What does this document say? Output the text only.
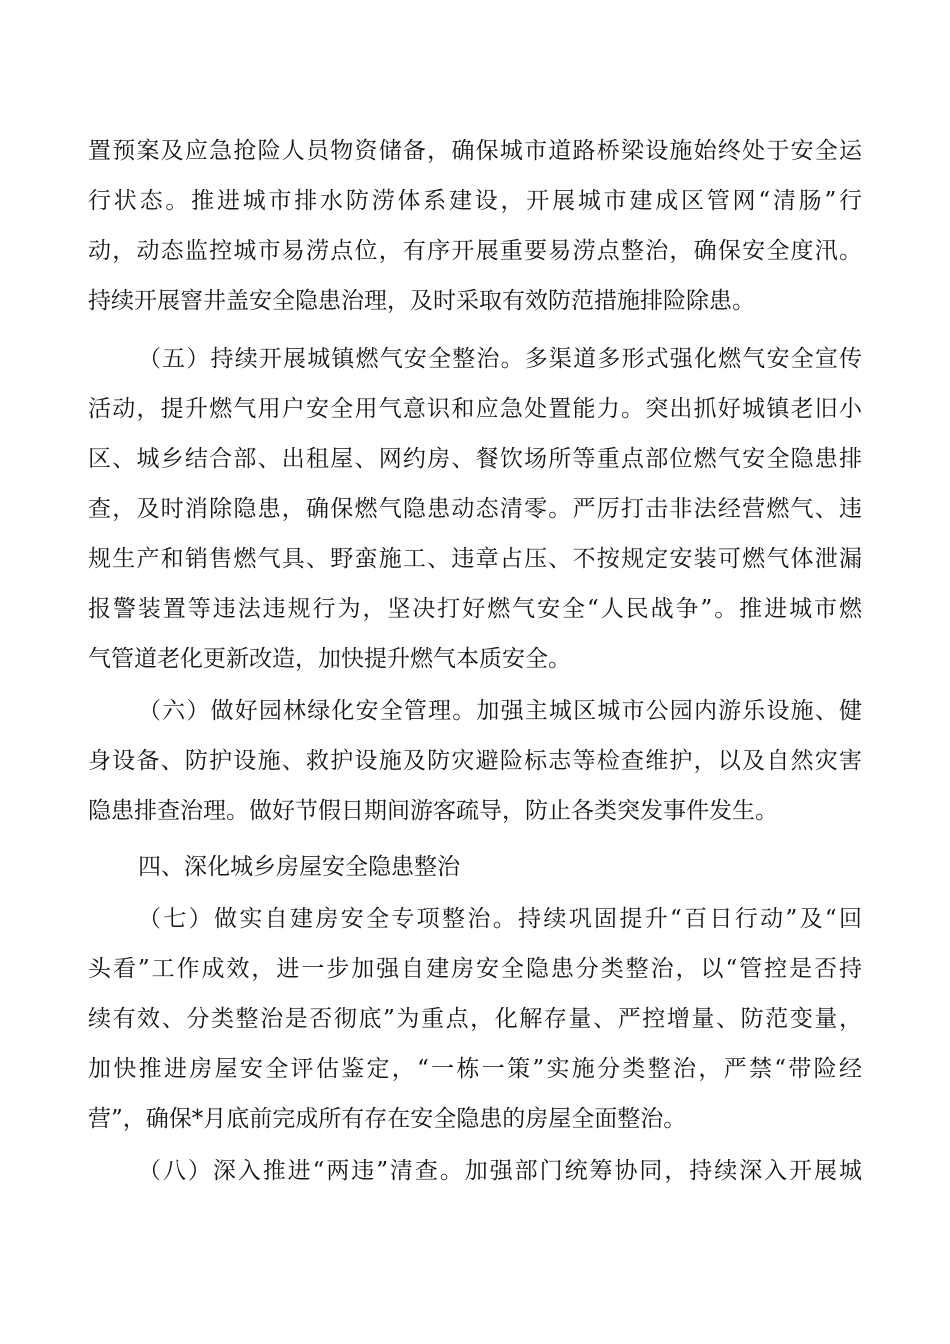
置预案及应急抢险人员物资储备，确保城市道路桥梁设施始终处于安全运
行状态。推进城市排水防涝体系建设，开展城市建成区管网“清肠”行
动，动态监控城市易涝点位，有序开展重要易涝点整治，确保安全度汛。
持续开展窨井盖安全隐患治理，及时采取有效防范措施排险除患。
（五）持续开展城镇燃气安全整治。多渠道多形式强化燃气安全宣传
活动，提升燃气用户安全用气意识和应急处置能力。突出抓好城镇老旧小
区、城乡结合部、出租屋、网约房、餐饮场所等重点部位燃气安全隐患排
查，及时消除隐患，确保燃气隐患动态清零。严厉打击非法经营燃气、违
规生产和销售燃气具、野蛮施工、违章占压、不按规定安装可燃气体泄漏
报警装置等违法违规行为，坚决打好燃气安全“人民战争”。推进城市燃
气管道老化更新改造，加快提升燃气本质安全。
（六）做好园林绿化安全管理。加强主城区城市公园内游乐设施、健
身设备、防护设施、救护设施及防灾避险标志等检查维护，以及自然灾害
隐患排查治理。做好节假日期间游客疏导，防止各类突发事件发生。
四、深化城乡房屋安全隐患整治
（七）做实自建房安全专项整治。持续巩固提升“百日行动”及“回
头看”工作成效，进一步加强自建房安全隐患分类整治，以“管控是否持
续有效、分类整治是否彻底”为重点，化解存量、严控增量、防范变量，
加快推进房屋安全评估鉴定，“一栋一策”实施分类整治，严禁“带险经
营”，确保*月底前完成所有存在安全隐患的房屋全面整治。
（八）深入推进“两违”清查。加强部门统筹协同，持续深入开展城
